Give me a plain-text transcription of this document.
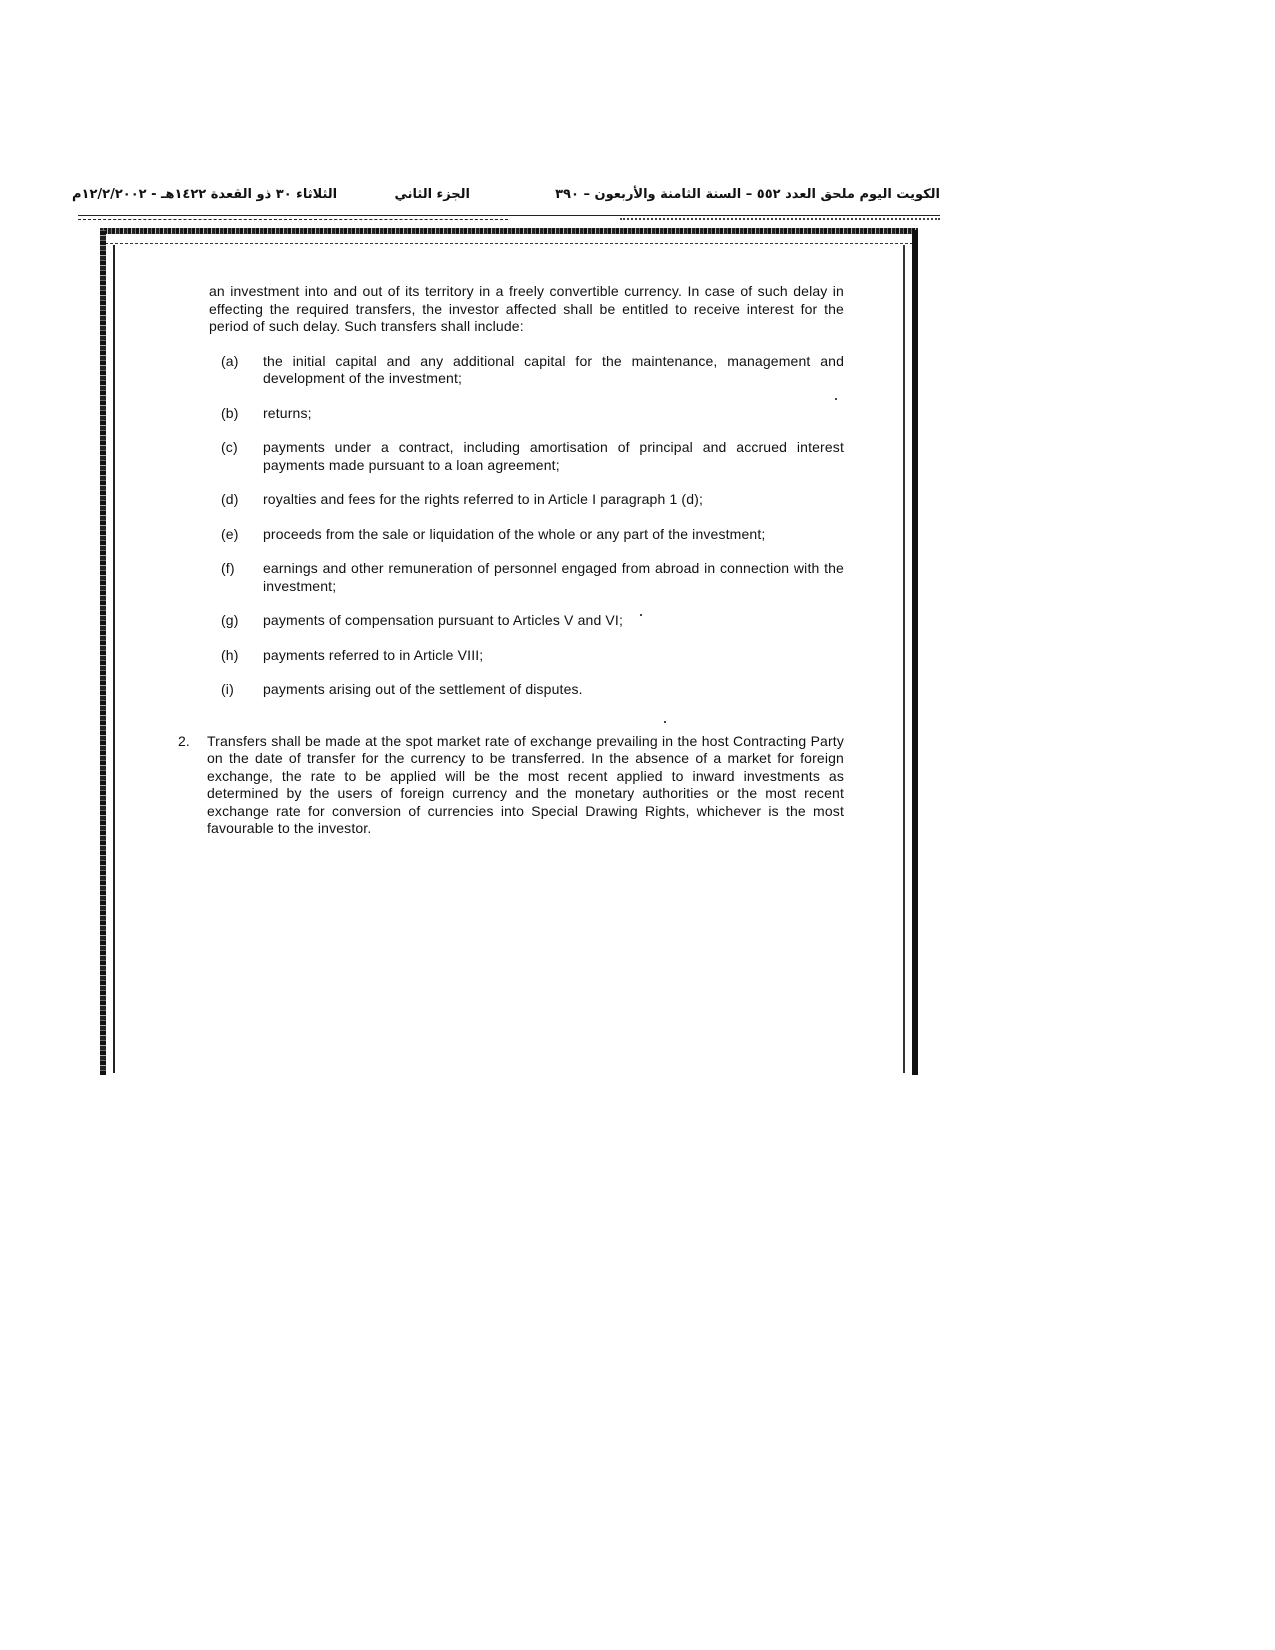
الكويت اليوم ملحق العدد ٥٥٢ – السنة الثامنة والأربعون – ٣٩٠
الجزء الثاني
الثلاثاء ٣٠ ذو القعدة ١٤٢٢هـ - ١٢/٢/٢٠٠٢م

an investment into and out of its territory in a freely convertible currency. In case of such delay in effecting the required transfers, the investor affected shall be entitled to receive interest for the period of such delay. Such transfers shall include:

(a) the initial capital and any additional capital for the maintenance, management and development of the investment;
(b) returns;
(c) payments under a contract, including amortisation of principal and accrued interest payments made pursuant to a loan agreement;
(d) royalties and fees for the rights referred to in Article I paragraph 1 (d);
(e) proceeds from the sale or liquidation of the whole or any part of the investment;
(f) earnings and other remuneration of personnel engaged from abroad in connection with the investment;
(g) payments of compensation pursuant to Articles V and VI;
(h) payments referred to in Article VIII;
(i) payments arising out of the settlement of disputes.
2. Transfers shall be made at the spot market rate of exchange prevailing in the host Contracting Party on the date of transfer for the currency to be transferred. In the absence of a market for foreign exchange, the rate to be applied will be the most recent applied to inward investments as determined by the users of foreign currency and the monetary authorities or the most recent exchange rate for conversion of currencies into Special Drawing Rights, whichever is the most favourable to the investor.
